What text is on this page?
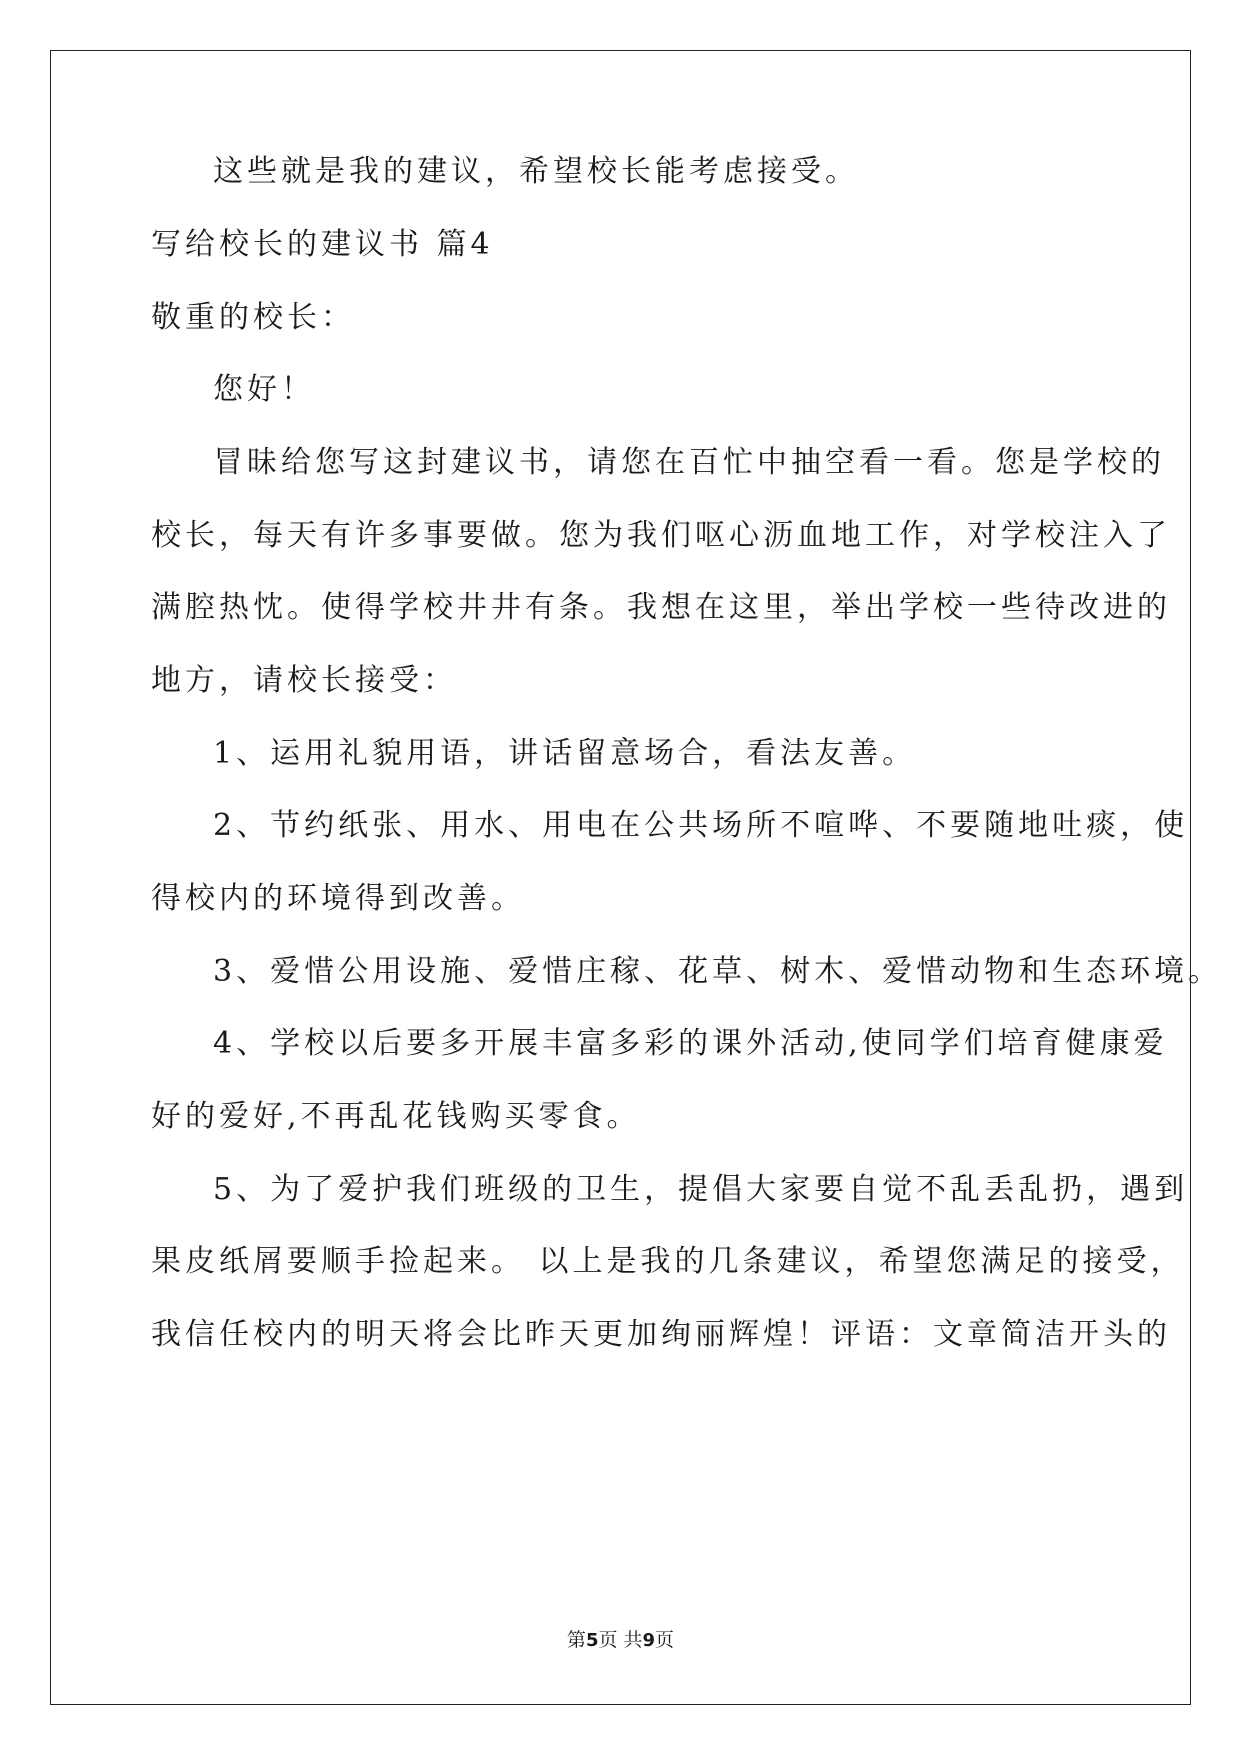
这些就是我的建议，希望校长能考虑接受。
写给校长的建议书 篇4
敬重的校长：
您好！
冒昧给您写这封建议书，请您在百忙中抽空看一看。您是学校的
校长，每天有许多事要做。您为我们呕心沥血地工作，对学校注入了
满腔热忱。使得学校井井有条。我想在这里，举出学校一些待改进的
地方，请校长接受：
1、运用礼貌用语，讲话留意场合，看法友善。
2、节约纸张、用水、用电在公共场所不喧哗、不要随地吐痰，使
得校内的环境得到改善。
3、爱惜公用设施、爱惜庄稼、花草、树木、爱惜动物和生态环境。
4、学校以后要多开展丰富多彩的课外活动,使同学们培育健康爱
好的爱好,不再乱花钱购买零食。
5、为了爱护我们班级的卫生，提倡大家要自觉不乱丢乱扔，遇到
果皮纸屑要顺手捡起来。 以上是我的几条建议，希望您满足的接受，
我信任校内的明天将会比昨天更加绚丽辉煌！评语：文章简洁开头的
第5页 共9页
